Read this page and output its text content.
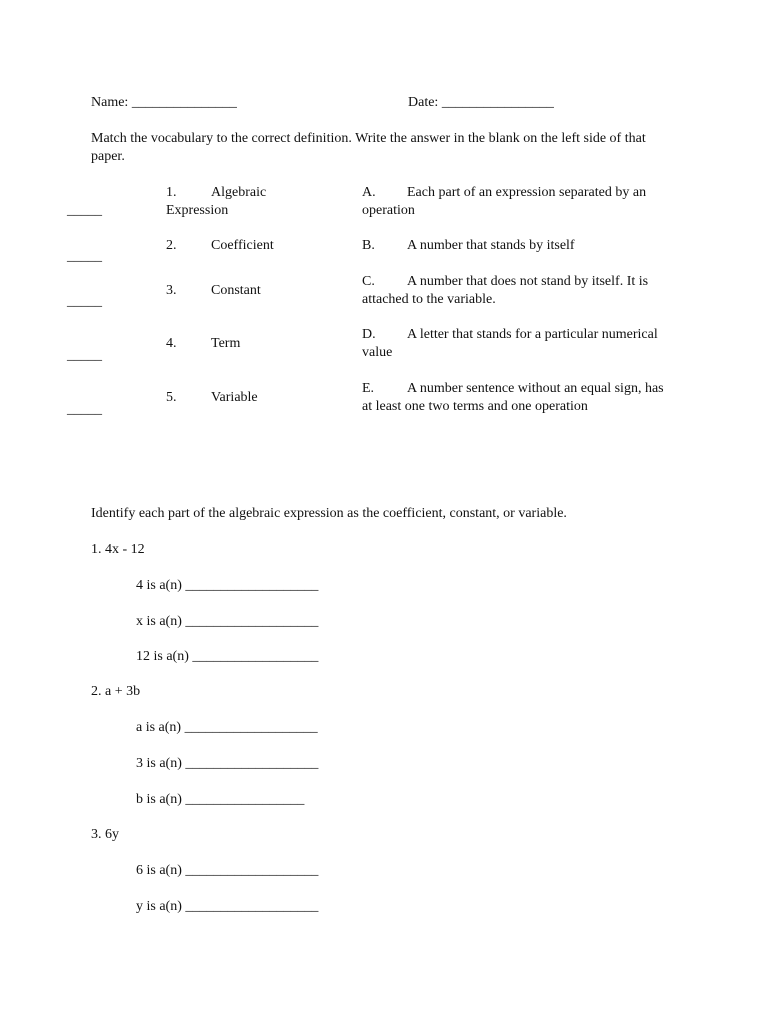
Name: _______________	Date: ________________
Match the vocabulary to the correct definition. Write the answer in the blank on the left side of that paper.
_____
_____
_____
_____
_____
1. Algebraic
Expression
2. Coefficient
3. Constant
4. Term
5. Variable
A. Each part of an expression separated by an
operation
B. A number that stands by itself
C. A number that does not stand by itself. It is
attached to the variable.
D. A letter that stands for a particular numerical
value
E. A number sentence without an equal sign, has
at least one two terms and one operation
Identify each part of the algebraic expression as the coefficient, constant, or variable.
1. 4x - 12
4 is a(n) ___________________
x is a(n) ___________________
12 is a(n) __________________
2. a + 3b
a is a(n) ___________________
3 is a(n) ___________________
b is a(n) _________________
3. 6y
6 is a(n) ___________________
y is a(n) ___________________
